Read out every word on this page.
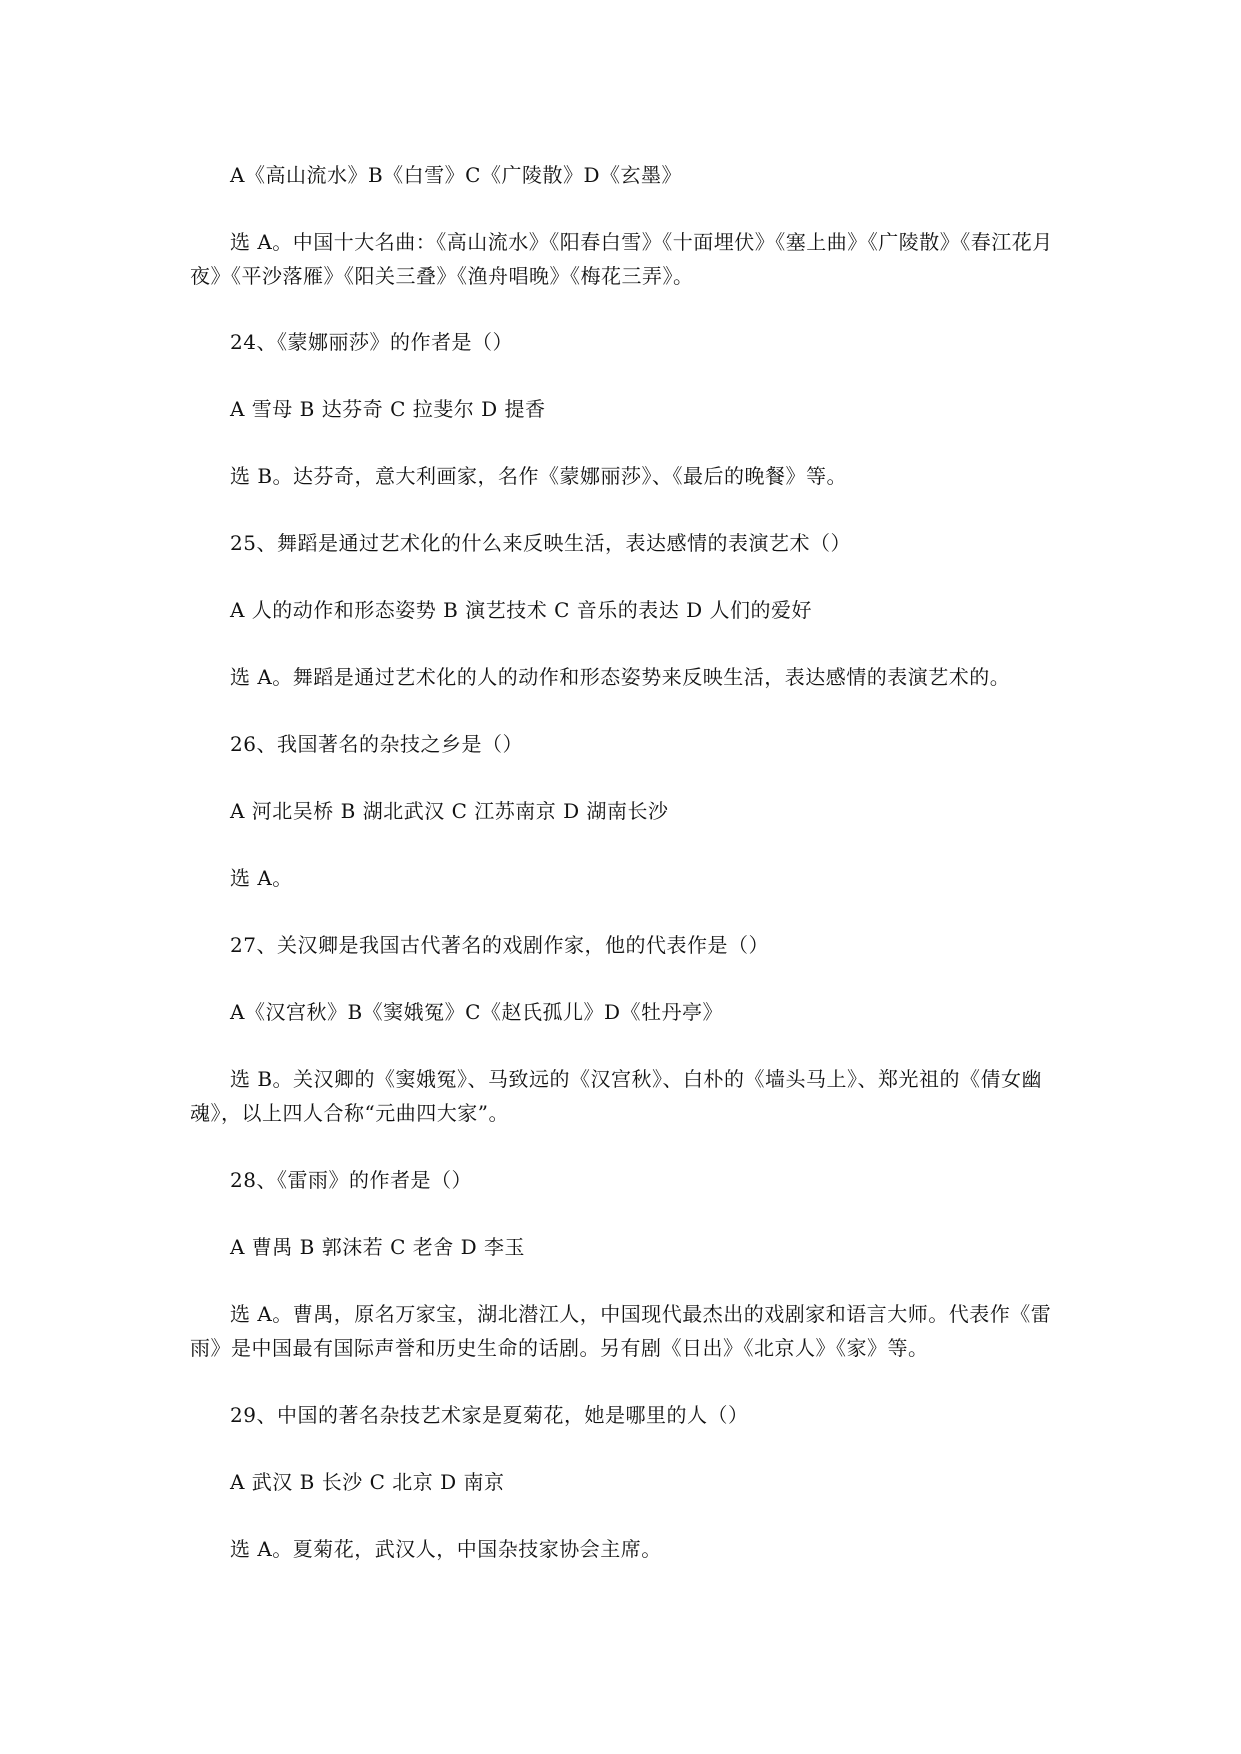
A《高山流水》B《白雪》C《广陵散》D《玄墨》

选 A。中国十大名曲：《高山流水》《阳春白雪》《十面埋伏》《塞上曲》《广陵散》《春江花月夜》《平沙落雁》《阳关三叠》《渔舟唱晚》《梅花三弄》。

24、《蒙娜丽莎》的作者是（）

A 雪母 B 达芬奇 C 拉斐尔 D 提香

选 B。达芬奇，意大利画家，名作《蒙娜丽莎》、《最后的晚餐》等。

25、舞蹈是通过艺术化的什么来反映生活，表达感情的表演艺术（）

A 人的动作和形态姿势 B 演艺技术 C 音乐的表达 D 人们的爱好

选 A。舞蹈是通过艺术化的人的动作和形态姿势来反映生活，表达感情的表演艺术的。

26、我国著名的杂技之乡是（）

A 河北吴桥 B 湖北武汉 C 江苏南京 D 湖南长沙

选 A。

27、关汉卿是我国古代著名的戏剧作家，他的代表作是（）

A《汉宫秋》B《窦娥冤》C《赵氏孤儿》D《牡丹亭》

选 B。关汉卿的《窦娥冤》、马致远的《汉宫秋》、白朴的《墙头马上》、郑光祖的《倩女幽魂》，以上四人合称“元曲四大家”。

28、《雷雨》的作者是（）

A 曹禺 B 郭沫若 C 老舍 D 李玉

选 A。曹禺，原名万家宝，湖北潜江人，中国现代最杰出的戏剧家和语言大师。代表作《雷雨》是中国最有国际声誉和历史生命的话剧。另有剧《日出》《北京人》《家》等。

29、中国的著名杂技艺术家是夏菊花，她是哪里的人（）

A 武汉 B 长沙 C 北京 D 南京

选 A。夏菊花，武汉人，中国杂技家协会主席。
